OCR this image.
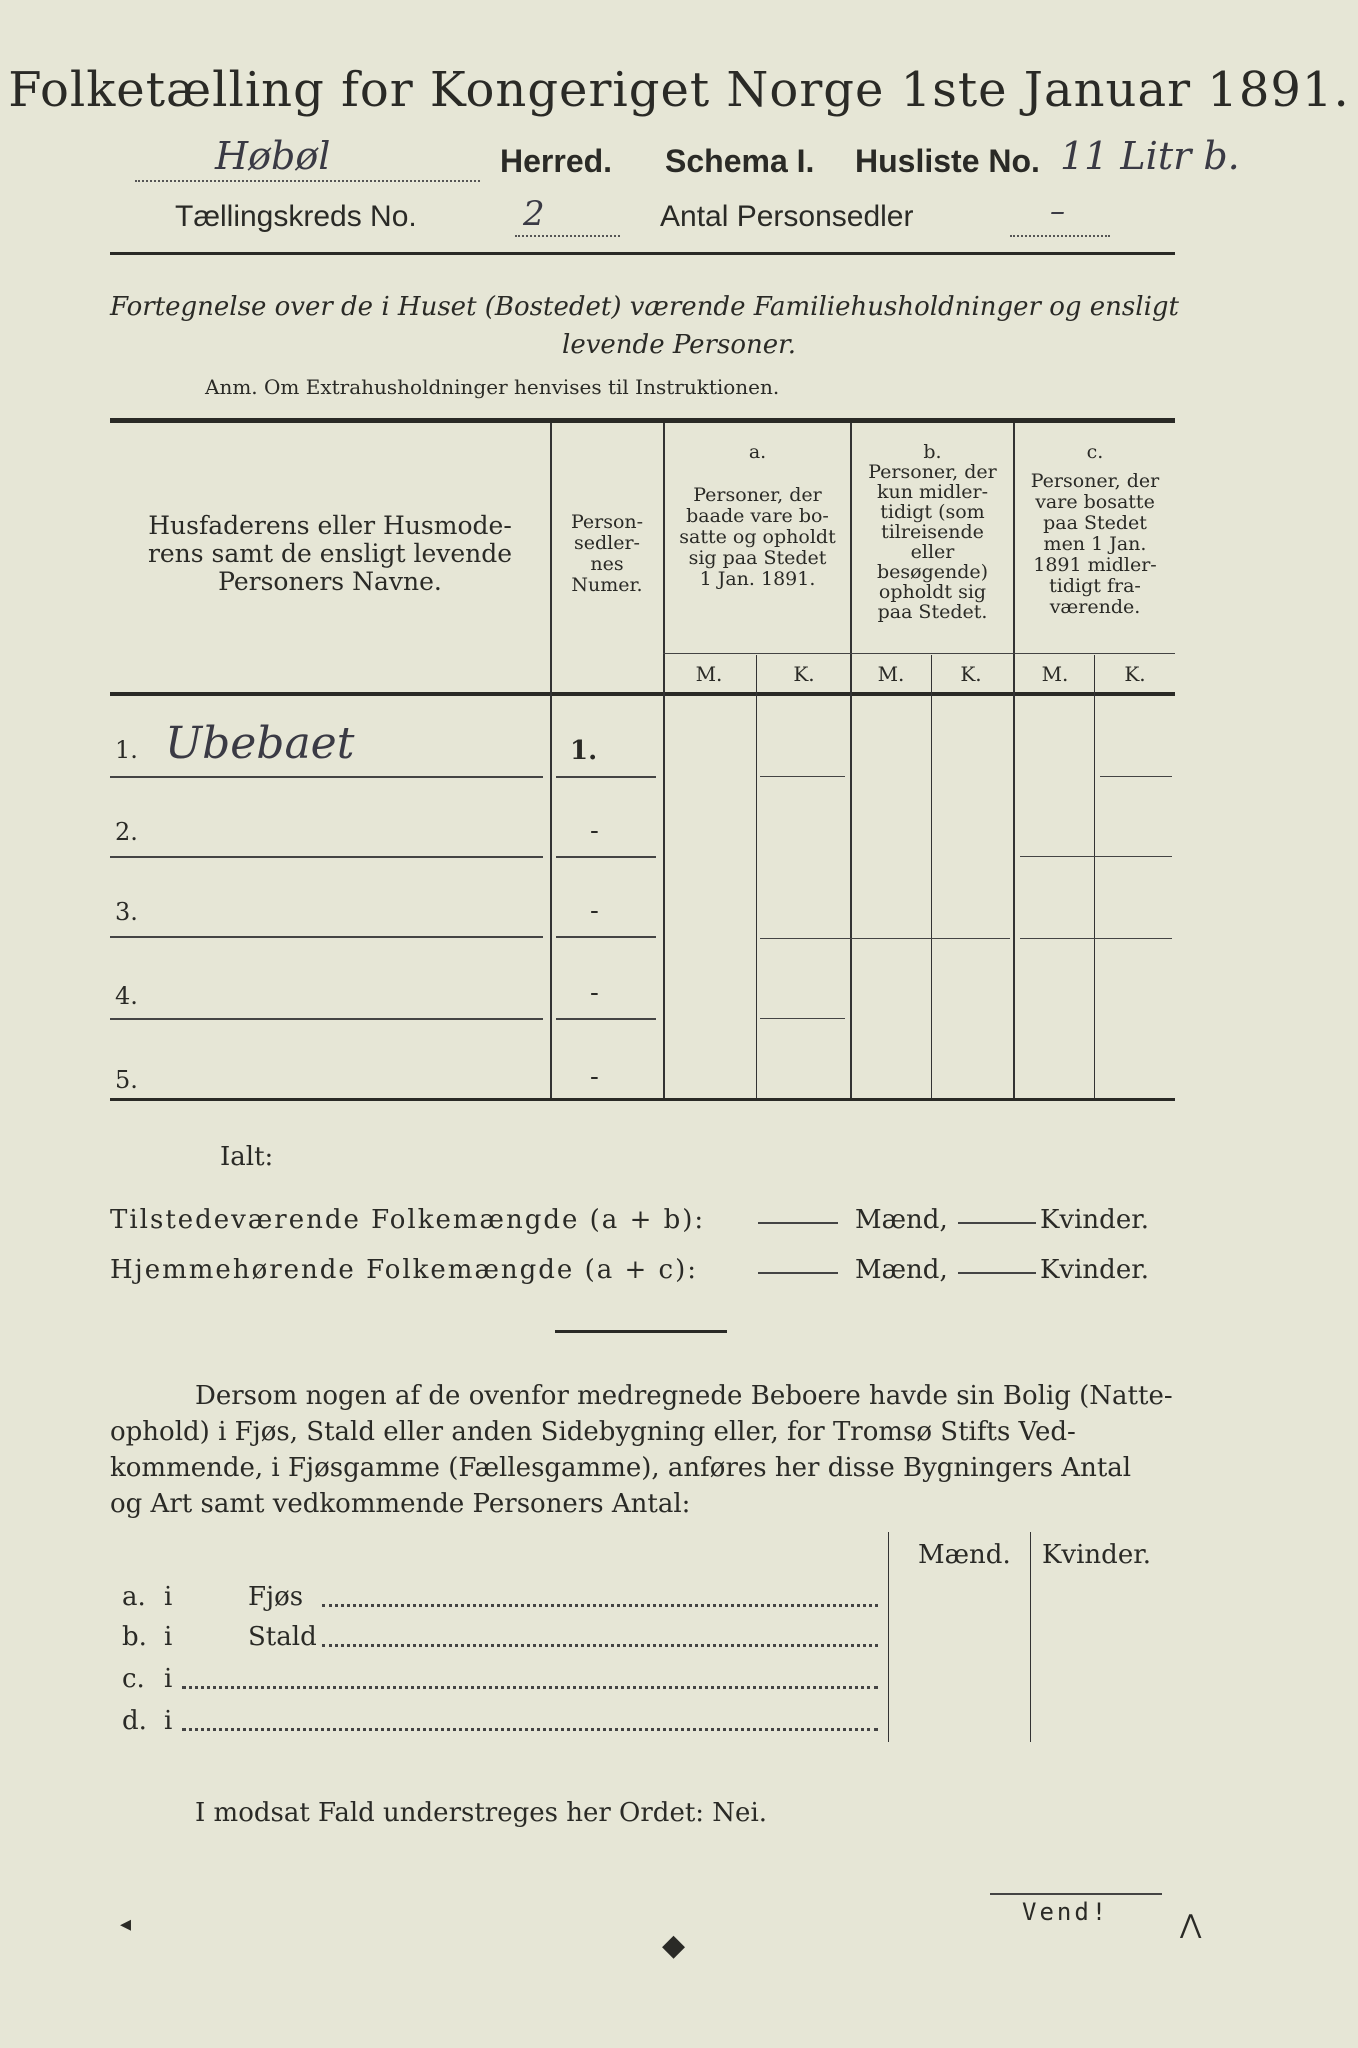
Folketælling for Kongeriget Norge 1ste Januar 1891.
Høbøl	Herred. Schema I. Husliste No. 11 Litr b.
Tællingskreds No.	2	Antal Personsedler	–
Fortegnelse over de i Huset (Bostedet) værende Familiehusholdninger og ensligt
levende Personer.
Anm. Om Extrahusholdninger henvises til Instruktionen.
Husfaderens eller Husmode-
rens samt de ensligt levende
Personers Navne.
Person-
sedler-
nes
Numer.
a.
Personer, der
baade vare bo-
satte og opholdt
sig paa Stedet
1 Jan. 1891.
b.
Personer, der
kun midler-
tidigt (som
tilreisende
eller
besøgende)
opholdt sig
paa Stedet.
c.
Personer, der
vare bosatte
paa Stedet
men 1 Jan.
1891 midler-
tidigt fra-
værende.
M.	K.	M.	K.	M.	K.
1. Ubebaet	1.
2.	-
3.	-
4.	-
5.	-
Ialt:
Tilstedeværende Folkemængde (a + b):	Mænd,	Kvinder.
Hjemmehørende Folkemængde (a + c):	Mænd,	Kvinder.
Dersom nogen af de ovenfor medregnede Beboere havde sin Bolig (Natte-
ophold) i Fjøs, Stald eller anden Sidebygning eller, for Tromsø Stifts Ved-
kommende, i Fjøsgamme (Fællesgamme), anføres her disse Bygningers Antal
og Art samt vedkommende Personers Antal:
Mænd. Kvinder.
a. i	Fjøs
b. i	Stald
c. i
d. i
I modsat Fald understreges her Ordet: Nei.
Vend!
◂
◆
⋀
